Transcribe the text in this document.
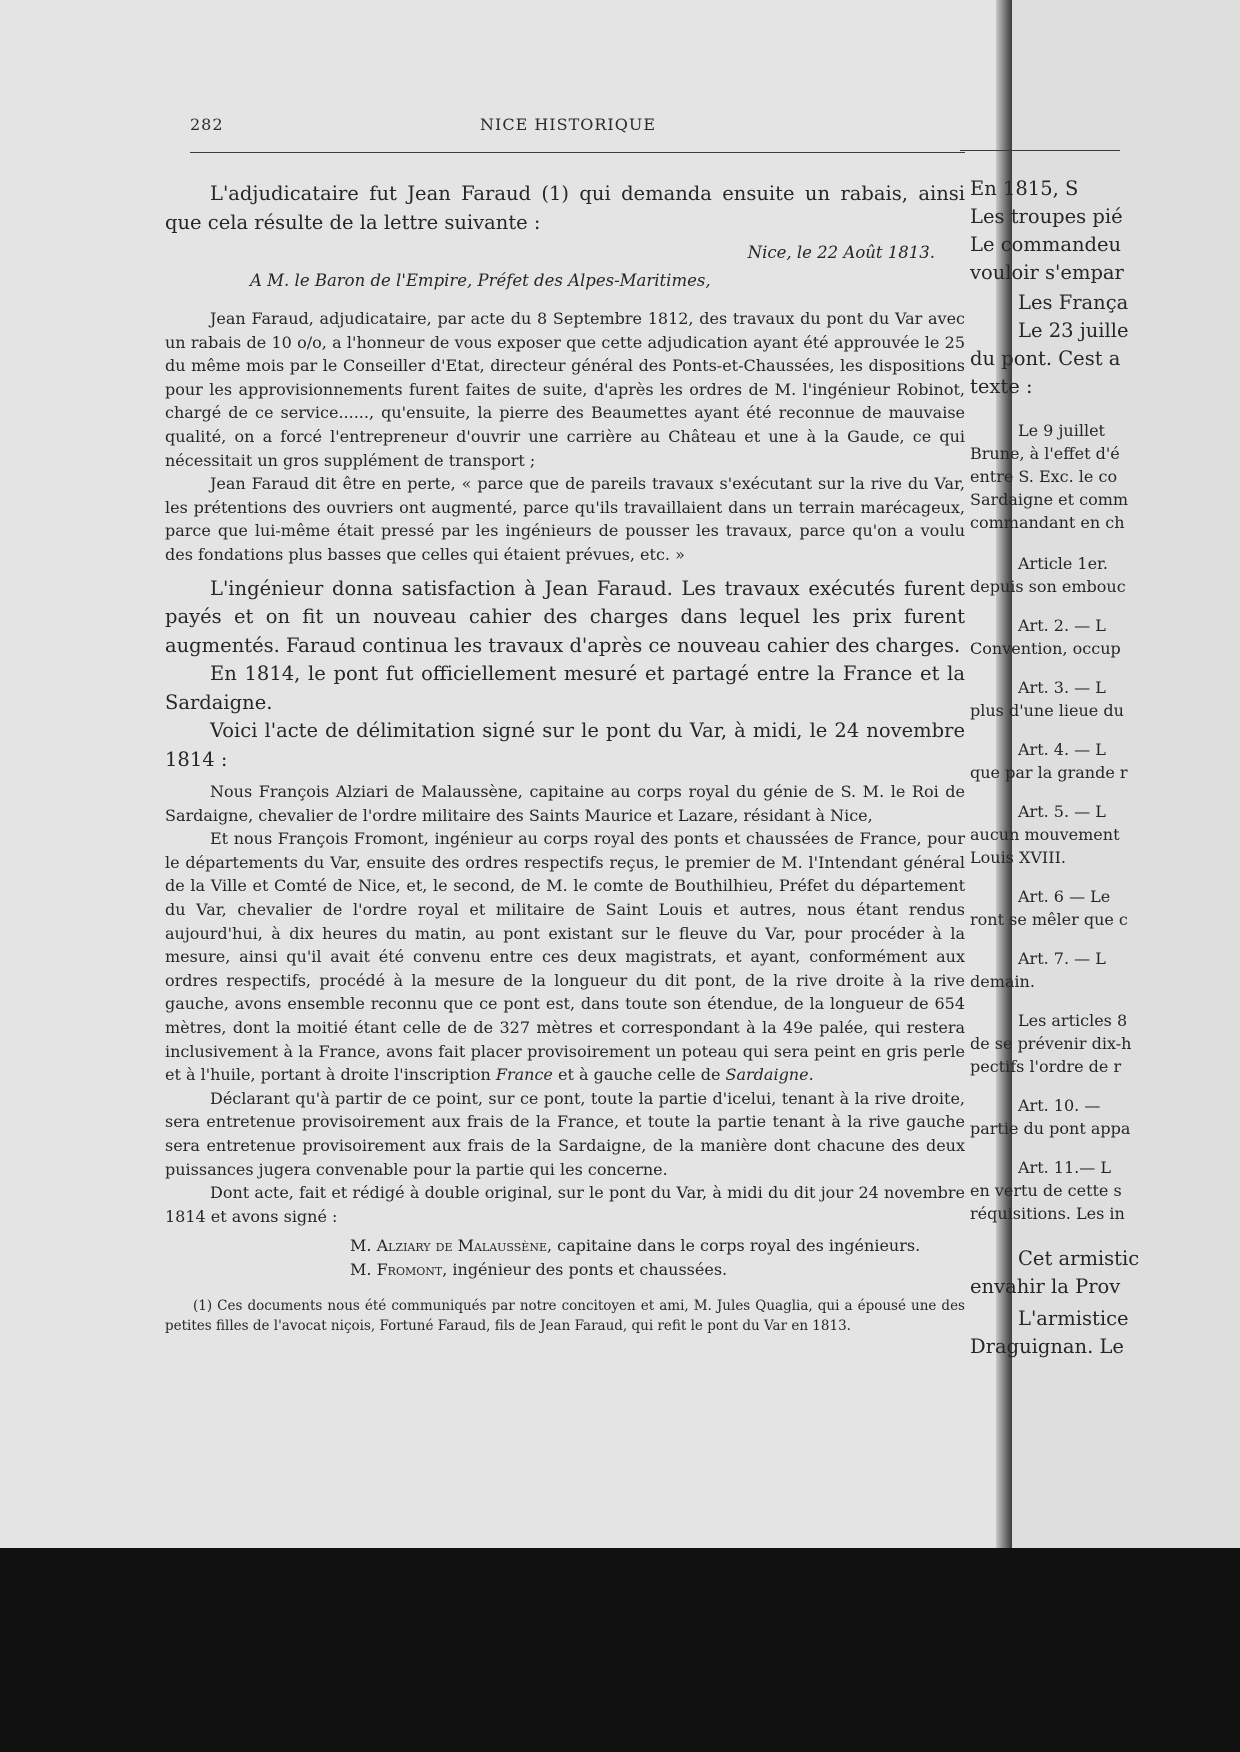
282	NICE HISTORIQUE

L'adjudicataire fut Jean Faraud (1) qui demanda ensuite un rabais, ainsi que cela résulte de la lettre suivante :

Nice, le 22 Août 1813.

A M. le Baron de l'Empire, Préfet des Alpes-Maritimes,

Jean Faraud, adjudicataire, par acte du 8 Septembre 1812, des travaux du pont du Var avec un rabais de 10 o/o, a l'honneur de vous exposer que cette adjudication ayant été approuvée le 25 du même mois par le Conseiller d'Etat, directeur général des Ponts-et-Chaussées, les dispositions pour les approvisionnements furent faites de suite, d'après les ordres de M. l'ingénieur Robinot, chargé de ce service......, qu'ensuite, la pierre des Beaumettes ayant été reconnue de mauvaise qualité, on a forcé l'entrepreneur d'ouvrir une carrière au Château et une à la Gaude, ce qui nécessitait un gros supplément de transport ;

Jean Faraud dit être en perte, « parce que de pareils travaux s'exécutant sur la rive du Var, les prétentions des ouvriers ont augmenté, parce qu'ils travaillaient dans un terrain marécageux, parce que lui-même était pressé par les ingénieurs de pousser les travaux, parce qu'on a voulu des fondations plus basses que celles qui étaient prévues, etc. »

L'ingénieur donna satisfaction à Jean Faraud. Les travaux exécutés furent payés et on fit un nouveau cahier des charges dans lequel les prix furent augmentés. Faraud continua les travaux d'après ce nouveau cahier des charges.

En 1814, le pont fut officiellement mesuré et partagé entre la France et la Sardaigne.

Voici l'acte de délimitation signé sur le pont du Var, à midi, le 24 novembre 1814 :

Nous François Alziari de Malaussène, capitaine au corps royal du génie de S. M. le Roi de Sardaigne, chevalier de l'ordre militaire des Saints Maurice et Lazare, résidant à Nice,

Et nous François Fromont, ingénieur au corps royal des ponts et chaussées de France, pour le départements du Var, ensuite des ordres respectifs reçus, le premier de M. l'Intendant général de la Ville et Comté de Nice, et, le second, de M. le comte de Bouthilhieu, Préfet du département du Var, chevalier de l'ordre royal et militaire de Saint Louis et autres, nous étant rendus aujourd'hui, à dix heures du matin, au pont existant sur le fleuve du Var, pour procéder à la mesure, ainsi qu'il avait été convenu entre ces deux magistrats, et ayant, conformément aux ordres respectifs, procédé à la mesure de la longueur du dit pont, de la rive droite à la rive gauche, avons ensemble reconnu que ce pont est, dans toute son étendue, de la longueur de 654 mètres, dont la moitié étant celle de de 327 mètres et correspondant à la 49e palée, qui restera inclusivement à la France, avons fait placer provisoirement un poteau qui sera peint en gris perle et à l'huile, portant à droite l'inscription France et à gauche celle de Sardaigne.

Déclarant qu'à partir de ce point, sur ce pont, toute la partie d'icelui, tenant à la rive droite, sera entretenue provisoirement aux frais de la France, et toute la partie tenant à la rive gauche sera entretenue provisoirement aux frais de la Sardaigne, de la manière dont chacune des deux puissances jugera convenable pour la partie qui les concerne.

Dont acte, fait et rédigé à double original, sur le pont du Var, à midi du dit jour 24 novembre 1814 et avons signé :

M. Alziary de Malaussène, capitaine dans le corps royal des ingénieurs.

M. Fromont, ingénieur des ponts et chaussées.

(1) Ces documents nous été communiqués par notre concitoyen et ami, M. Jules Quaglia, qui a épousé une des petites filles de l'avocat niçois, Fortuné Faraud, fils de Jean Faraud, qui refit le pont du Var en 1813.

En 1815, S
Les troupes pié
Le commandeu
vouloir s'empar
Les França
Le 23 juille
du pont. Cest a
texte :
Le 9 juillet
Brune, à l'effet d'é
entre S. Exc. le co
Sardaigne et comm
commandant en ch
Article 1er.
depuis son embouc
Art. 2. — L
Convention, occup
Art. 3. — L
plus d'une lieue du
Art. 4. — L
que par la grande r
Art. 5. — L
aucun mouvement
Louis XVIII.
Art. 6 — Le
ront se mêler que c
Art. 7. — L
demain.
Les articles 8
de se prévenir dix-h
pectifs l'ordre de r
Art. 10. —
partie du pont appa
Art. 11.— L
en vertu de cette s
réquisitions. Les in
Cet armistic
envahir la Prov
L'armistice
Draguignan. Le
